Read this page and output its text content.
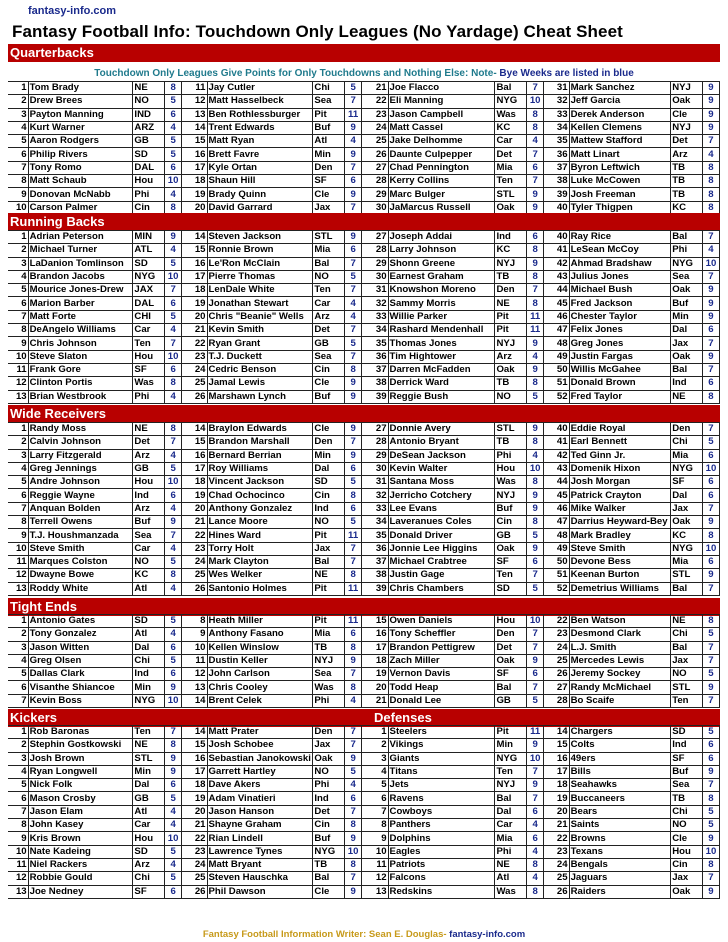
fantasy-info.com
Fantasy Football Info: Touchdown Only Leagues (No Yardage) Cheat Sheet
Touchdown Only Leagues Give Points for Only Touchdowns and Nothing Else: Note- Bye Weeks are listed in blue
Quarterbacks
1	Tom Brady	NE	8	11	Jay Cutler	Chi	5	21	Joe Flacco	Bal	7	31	Mark Sanchez	NYJ	9
2	Drew Brees	NO	5	12	Matt Hasselbeck	Sea	7	22	Eli Manning	NYG	10	32	Jeff Garcia	Oak	9
3	Payton Manning	IND	6	13	Ben Rothlessburger	Pit	11	23	Jason Campbell	Was	8	33	Derek Anderson	Cle	9
4	Kurt Warner	ARZ	4	14	Trent Edwards	Buf	9	24	Matt Cassel	KC	8	34	Kellen Clemens	NYJ	9
5	Aaron Rodgers	GB	5	15	Matt Ryan	Atl	4	25	Jake Delhomme	Car	4	35	Mattew Stafford	Det	7
6	Philip Rivers	SD	5	16	Brett Favre	Min	9	26	Daunte Culpepper	Det	7	36	Matt Linart	Arz	4
7	Tony Romo	DAL	6	17	Kyle Ortan	Den	7	27	Chad Pennington	Mia	6	37	Byron Leftwich	TB	8
8	Matt Schaub	Hou	10	18	Shaun Hill	SF	6	28	Kerry Collins	Ten	7	38	Luke McCowen	TB	8
9	Donovan McNabb	Phi	4	19	Brady Quinn	Cle	9	29	Marc Bulger	STL	9	39	Josh Freeman	TB	8
10	Carson Palmer	Cin	8	20	David Garrard	Jax	7	30	JaMarcus Russell	Oak	9	40	Tyler Thigpen	KC	8
Running Backs
1	Adrian Peterson	MIN	9	14	Steven Jackson	STL	9	27	Joseph Addai	Ind	6	40	Ray Rice	Bal	7
2	Michael Turner	ATL	4	15	Ronnie Brown	Mia	6	28	Larry Johnson	KC	8	41	LeSean McCoy	Phi	4
3	LaDanion Tomlinson	SD	5	16	Le'Ron McClain	Bal	7	29	Shonn Greene	NYJ	9	42	Ahmad Bradshaw	NYG	10
4	Brandon Jacobs	NYG	10	17	Pierre Thomas	NO	5	30	Earnest Graham	TB	8	43	Julius Jones	Sea	7
5	Mourice Jones-Drew	JAX	7	18	LenDale White	Ten	7	31	Knowshon Moreno	Den	7	44	Michael Bush	Oak	9
6	Marion Barber	DAL	6	19	Jonathan Stewart	Car	4	32	Sammy Morris	NE	8	45	Fred Jackson	Buf	9
7	Matt Forte	CHI	5	20	Chris "Beanie" Wells	Arz	4	33	Willie Parker	Pit	11	46	Chester Taylor	Min	9
8	DeAngelo Williams	Car	4	21	Kevin Smith	Det	7	34	Rashard Mendenhall	Pit	11	47	Felix Jones	Dal	6
9	Chris Johnson	Ten	7	22	Ryan Grant	GB	5	35	Thomas Jones	NYJ	9	48	Greg Jones	Jax	7
10	Steve Slaton	Hou	10	23	T.J. Duckett	Sea	7	36	Tim Hightower	Arz	4	49	Justin Fargas	Oak	9
11	Frank Gore	SF	6	24	Cedric Benson	Cin	8	37	Darren McFadden	Oak	9	50	Willis McGahee	Bal	7
12	Clinton Portis	Was	8	25	Jamal Lewis	Cle	9	38	Derrick Ward	TB	8	51	Donald Brown	Ind	6
13	Brian Westbrook	Phi	4	26	Marshawn Lynch	Buf	9	39	Reggie Bush	NO	5	52	Fred Taylor	NE	8
Wide Receivers
1	Randy Moss	NE	8	14	Braylon Edwards	Cle	9	27	Donnie Avery	STL	9	40	Eddie Royal	Den	7
2	Calvin Johnson	Det	7	15	Brandon Marshall	Den	7	28	Antonio Bryant	TB	8	41	Earl Bennett	Chi	5
3	Larry Fitzgerald	Arz	4	16	Bernard Berrian	Min	9	29	DeSean Jackson	Phi	4	42	Ted Ginn Jr.	Mia	6
4	Greg Jennings	GB	5	17	Roy Williams	Dal	6	30	Kevin Walter	Hou	10	43	Domenik Hixon	NYG	10
5	Andre Johnson	Hou	10	18	Vincent Jackson	SD	5	31	Santana Moss	Was	8	44	Josh Morgan	SF	6
6	Reggie Wayne	Ind	6	19	Chad Ochocinco	Cin	8	32	Jerricho Cotchery	NYJ	9	45	Patrick Crayton	Dal	6
7	Anquan Bolden	Arz	4	20	Anthony Gonzalez	Ind	6	33	Lee Evans	Buf	9	46	Mike Walker	Jax	7
8	Terrell Owens	Buf	9	21	Lance Moore	NO	5	34	Laveranues Coles	Cin	8	47	Darrius Heyward-Bey	Oak	9
9	T.J. Houshmanzada	Sea	7	22	Hines Ward	Pit	11	35	Donald Driver	GB	5	48	Mark Bradley	KC	8
10	Steve Smith	Car	4	23	Torry Holt	Jax	7	36	Jonnie Lee Higgins	Oak	9	49	Steve Smith	NYG	10
11	Marques Colston	NO	5	24	Mark Clayton	Bal	7	37	Michael Crabtree	SF	6	50	Devone Bess	Mia	6
12	Dwayne Bowe	KC	8	25	Wes Welker	NE	8	38	Justin Gage	Ten	7	51	Keenan Burton	STL	9
13	Roddy White	Atl	4	26	Santonio Holmes	Pit	11	39	Chris Chambers	SD	5	52	Demetrius Williams	Bal	7
Tight Ends
1	Antonio Gates	SD	5	8	Heath Miller	Pit	11	15	Owen Daniels	Hou	10	22	Ben Watson	NE	8
2	Tony Gonzalez	Atl	4	9	Anthony Fasano	Mia	6	16	Tony Scheffler	Den	7	23	Desmond Clark	Chi	5
3	Jason Witten	Dal	6	10	Kellen Winslow	TB	8	17	Brandon Pettigrew	Det	7	24	L.J. Smith	Bal	7
4	Greg Olsen	Chi	5	11	Dustin Keller	NYJ	9	18	Zach Miller	Oak	9	25	Mercedes Lewis	Jax	7
5	Dallas Clark	Ind	6	12	John Carlson	Sea	7	19	Vernon Davis	SF	6	26	Jeremy Sockey	NO	5
6	Visanthe Shiancoe	Min	9	13	Chris Cooley	Was	8	20	Todd Heap	Bal	7	27	Randy McMichael	STL	9
7	Kevin Boss	NYG	10	14	Brent Celek	Phi	4	21	Donald Lee	GB	5	28	Bo Scaife	Ten	7
Kickers	Defenses
1	Rob Baronas	Ten	7	14	Matt Prater	Den	7	1	Steelers	Pit	11	14	Chargers	SD	5
2	Stephin Gostkowski	NE	8	15	Josh Schobee	Jax	7	2	Vikings	Min	9	15	Colts	Ind	6
3	Josh Brown	STL	9	16	Sebastian Janokowski	Oak	9	3	Giants	NYG	10	16	49ers	SF	6
4	Ryan Longwell	Min	9	17	Garrett Hartley	NO	5	4	Titans	Ten	7	17	Bills	Buf	9
5	Nick Folk	Dal	6	18	Dave Akers	Phi	4	5	Jets	NYJ	9	18	Seahawks	Sea	7
6	Mason Crosby	GB	5	19	Adam Vinatieri	Ind	6	6	Ravens	Bal	7	19	Buccaneers	TB	8
7	Jason Elam	Atl	4	20	Jason Hanson	Det	7	7	Cowboys	Dal	6	20	Bears	Chi	5
8	John Kasey	Car	4	21	Shayne Graham	Cin	8	8	Panthers	Car	4	21	Saints	NO	5
9	Kris Brown	Hou	10	22	Rian Lindell	Buf	9	9	Dolphins	Mia	6	22	Browns	Cle	9
10	Nate Kadeing	SD	5	23	Lawrence Tynes	NYG	10	10	Eagles	Phi	4	23	Texans	Hou	10
11	Niel Rackers	Arz	4	24	Matt Bryant	TB	8	11	Patriots	NE	8	24	Bengals	Cin	8
12	Robbie Gould	Chi	5	25	Steven Hauschka	Bal	7	12	Falcons	Atl	4	25	Jaguars	Jax	7
13	Joe Nedney	SF	6	26	Phil Dawson	Cle	9	13	Redskins	Was	8	26	Raiders	Oak	9
Fantasy Football Information Writer: Sean E. Douglas- fantasy-info.com
